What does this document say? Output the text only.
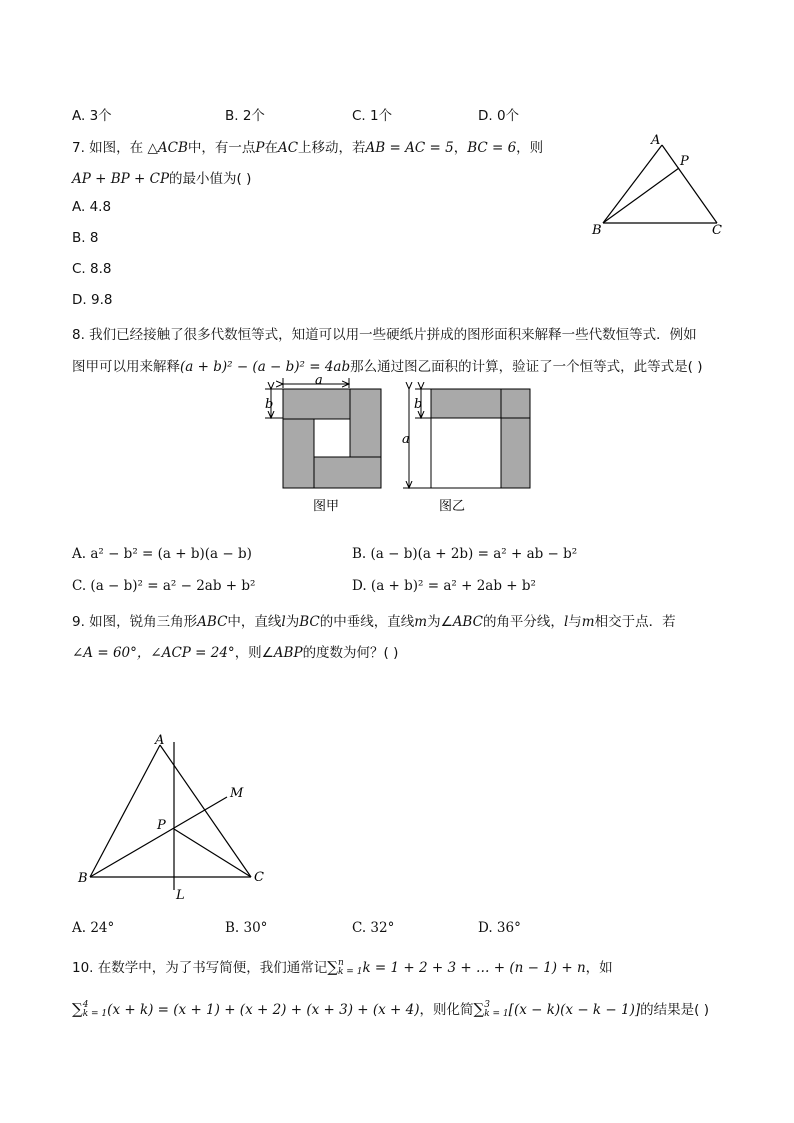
A. 3个	B. 2个	C. 1个	D. 0个
7. 如图，在 △ACB中，有一点P在AC上移动，若AB = AC = 5，BC = 6，则
AP + BP + CP的最小值为( )
A. 4.8
B. 8
C. 8.8
D. 9.8
A
P
B	C
8. 我们已经接触了很多代数恒等式，知道可以用一些硬纸片拼成的图形面积来解释一些代数恒等式．例如
图甲可以用来解释(a + b)² − (a − b)² = 4ab那么通过图乙面积的计算，验证了一个恒等式，此等式是( )
a
b
图甲
b
a
图乙
A. a² − b² = (a + b)(a − b)	B. (a − b)(a + 2b) = a² + ab − b²
C. (a − b)² = a² − 2ab + b²	D. (a + b)² = a² + 2ab + b²
9. 如图，锐角三角形ABC中，直线l为BC的中垂线，直线m为∠ABC的角平分线，l与m相交于点．若
∠A = 60°，∠ACP = 24°，则∠ABP的度数为何？( )
A
M
P
B	C
L
A. 24°	B. 30°	C. 32°	D. 36°
10. 在数学中，为了书写简便，我们通常记∑ n
k = 1 k = 1 + 2 + 3 + … + (n − 1) + n，如
∑ 4
k = 1 (x + k) = (x + 1) + (x + 2) + (x + 3) + (x + 4)，则化简∑ 3
k = 1 [(x − k)(x − k − 1)]的结果是( )
